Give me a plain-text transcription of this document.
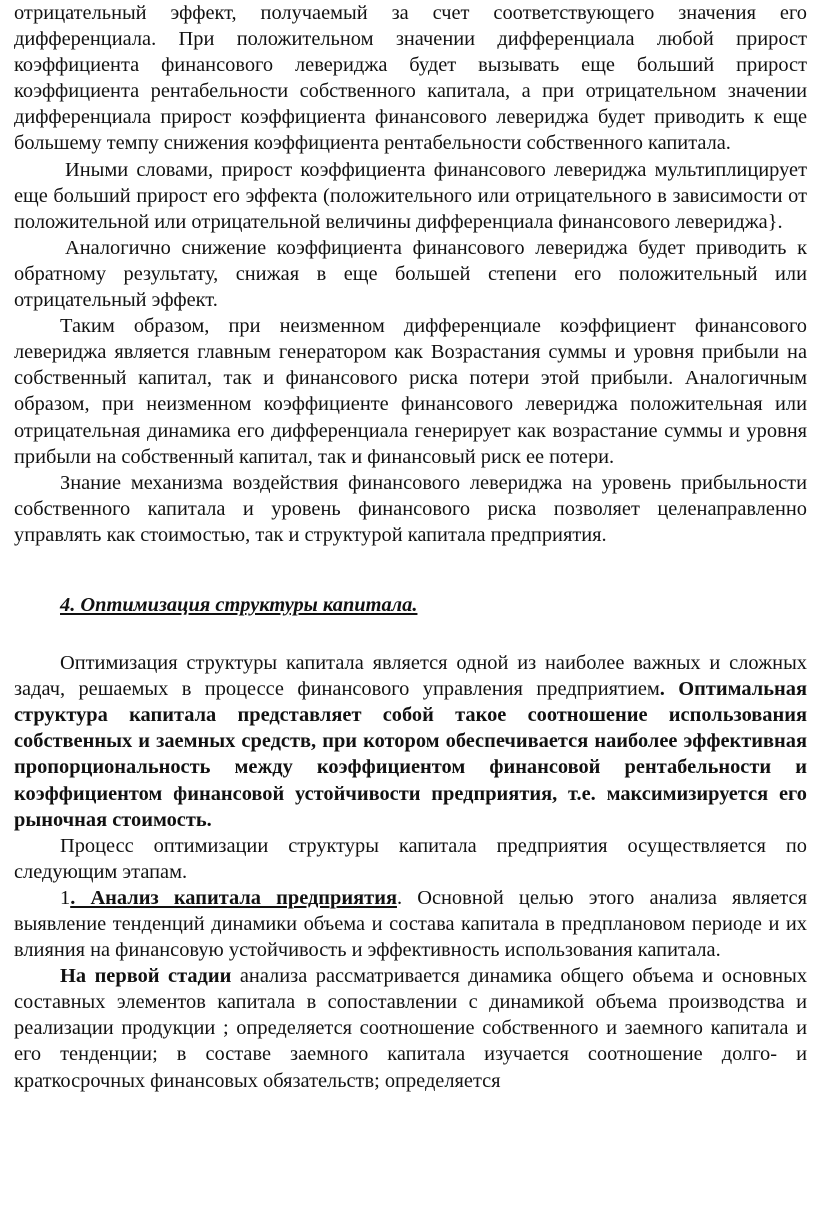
отрицательный эффект, получаемый за счет соответствующего значения его дифференциала. При положительном значении дифференциала любой прирост коэффициента финансового левериджа будет вызывать еще больший прирост коэффициента рентабельности собственного капитала, а при отрицательном значении дифференциала прирост коэффициента финансового левериджа будет приводить к еще большему темпу снижения коэффициента рентабельности собственного капитала.

Иными словами, прирост коэффициента финансового левериджа мультиплицирует еще больший прирост его эффекта (положительного или отрицательного в зависимости от положительной или отрицательной величины дифференциала финансового левериджа}.

Аналогично снижение коэффициента финансового левериджа будет приводить к обратному результату, снижая в еще большей степени его положительный или отрицательный эффект.

Таким образом, при неизменном дифференциале коэффициент финансового левериджа является главным генератором как Возрастания суммы и уровня прибыли на собственный капитал, так и финансового риска потери этой прибыли. Аналогичным образом, при неизменном коэффициенте финансового левериджа положительная или отрицательная динамика его дифференциала генерирует как возрастание суммы и уровня прибыли на собственный капитал, так и финансовый риск ее потери.

Знание механизма воздействия финансового левериджа на уровень прибыльности собственного капитала и уровень финансового риска позволяет целенаправленно управлять как стоимостью, так и структурой капитала предприятия.

4. Оптимизация структуры капитала.

Оптимизация структуры капитала является одной из наиболее важных и сложных задач, решаемых в процессе финансового управления предприятием. Оптимальная структура капитала представляет собой такое соотношение использования собственных и заемных средств, при котором обеспечивается наиболее эффективная пропорциональность между коэффициентом финансовой рентабельности и коэффициентом финансовой устойчивости предприятия, т.е. максимизируется его рыночная стоимость.

Процесс оптимизации структуры капитала предприятия осуществляется по следующим этапам.

1. Анализ капитала предприятия. Основной целью этого анализа является выявление тенденций динамики объема и состава капитала в предплановом периоде и их влияния на финансовую устойчивость и эффективность использования капитала.

На первой стадии анализа рассматривается динамика общего объема и основных составных элементов капитала в сопоставлении с динамикой объема производства и реализации продукции ; определяется соотношение собственного и заемного капитала и его тенденции; в составе заемного капитала изучается соотношение долго- и краткосрочных финансовых обязательств; определяется
